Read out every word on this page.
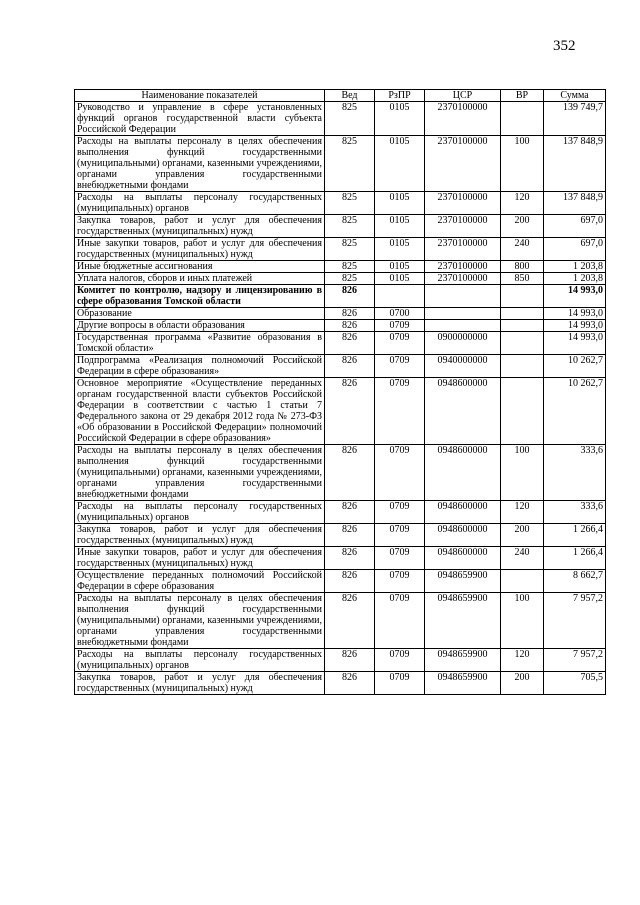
352
Наименование показателей	Вед	РзПР	ЦСР	ВР	Сумма
Руководство и управление в сфере установленных функций органов государственной власти субъекта Российской Федерации	825	0105	2370100000		139 749,7
Расходы на выплаты персоналу в целях обеспечения выполнения функций государственными (муниципальными) органами, казенными учреждениями, органами управления государственными внебюджетными фондами	825	0105	2370100000	100	137 848,9
Расходы на выплаты персоналу государственных (муниципальных) органов	825	0105	2370100000	120	137 848,9
Закупка товаров, работ и услуг для обеспечения государственных (муниципальных) нужд	825	0105	2370100000	200	697,0
Иные закупки товаров, работ и услуг для обеспечения государственных (муниципальных) нужд	825	0105	2370100000	240	697,0
Иные бюджетные ассигнования	825	0105	2370100000	800	1 203,8
Уплата налогов, сборов и иных платежей	825	0105	2370100000	850	1 203,8
Комитет по контролю, надзору и лицензированию в сфере образования Томской области	826				14 993,0
Образование	826	0700			14 993,0
Другие вопросы в области образования	826	0709			14 993,0
Государственная программа «Развитие образования в Томской области»	826	0709	0900000000		14 993,0
Подпрограмма «Реализация полномочий Российской Федерации в сфере образования»	826	0709	0940000000		10 262,7
Основное мероприятие «Осуществление переданных органам государственной власти субъектов Российской Федерации в соответствии с частью 1 статьи 7 Федерального закона от 29 декабря 2012 года № 273-ФЗ «Об образовании в Российской Федерации» полномочий Российской Федерации в сфере образования»	826	0709	0948600000		10 262,7
Расходы на выплаты персоналу в целях обеспечения выполнения функций государственными (муниципальными) органами, казенными учреждениями, органами управления государственными внебюджетными фондами	826	0709	0948600000	100	333,6
Расходы на выплаты персоналу государственных (муниципальных) органов	826	0709	0948600000	120	333,6
Закупка товаров, работ и услуг для обеспечения государственных (муниципальных) нужд	826	0709	0948600000	200	1 266,4
Иные закупки товаров, работ и услуг для обеспечения государственных (муниципальных) нужд	826	0709	0948600000	240	1 266,4
Осуществление переданных полномочий Российской Федерации в сфере образования	826	0709	0948659900		8 662,7
Расходы на выплаты персоналу в целях обеспечения выполнения функций государственными (муниципальными) органами, казенными учреждениями, органами управления государственными внебюджетными фондами	826	0709	0948659900	100	7 957,2
Расходы на выплаты персоналу государственных (муниципальных) органов	826	0709	0948659900	120	7 957,2
Закупка товаров, работ и услуг для обеспечения государственных (муниципальных) нужд	826	0709	0948659900	200	705,5
